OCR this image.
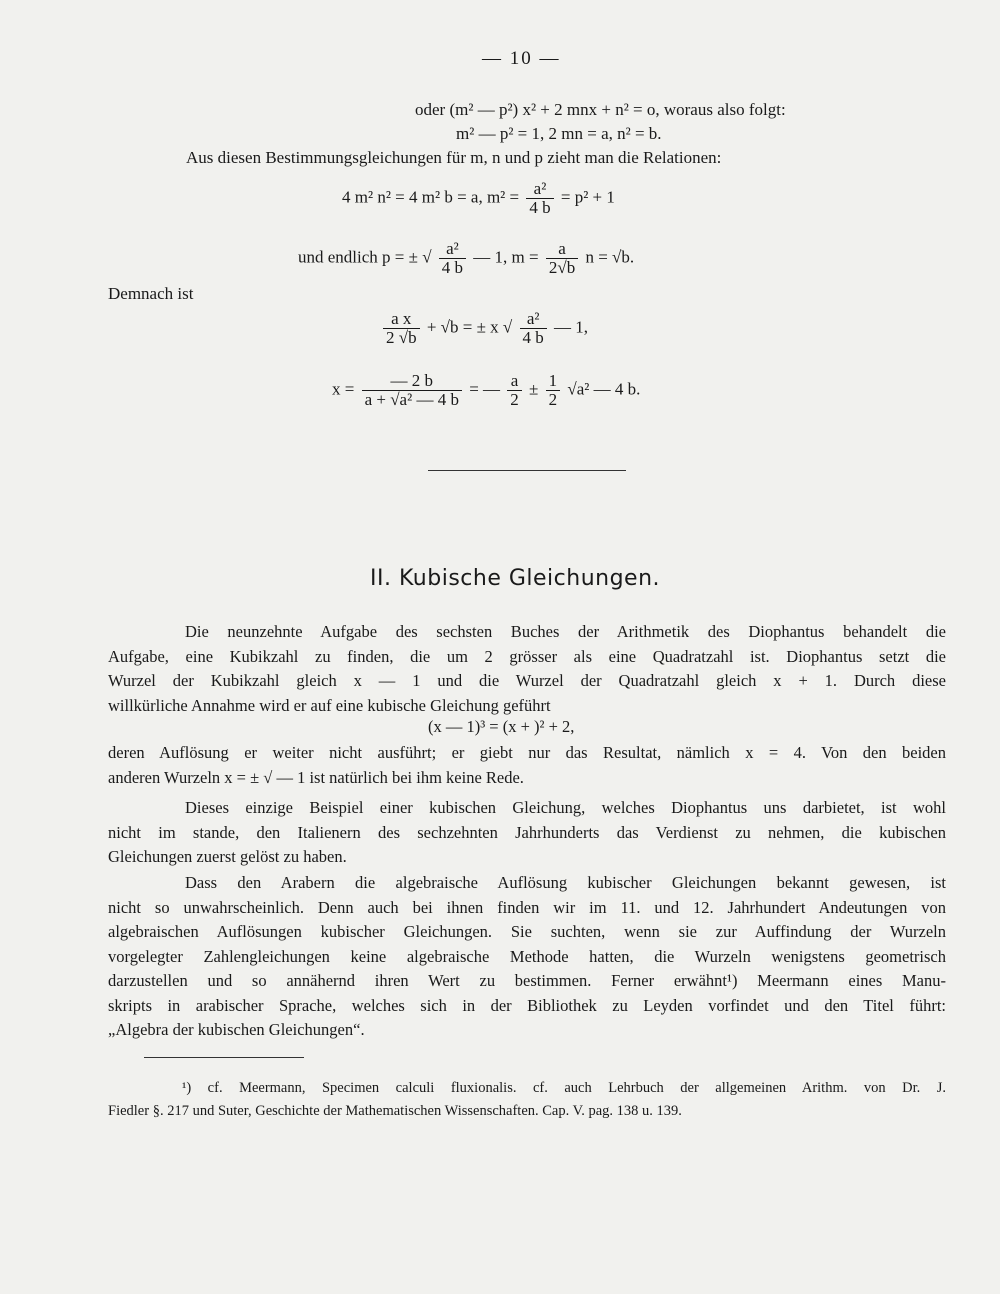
— 10 —
oder (m² — p²) x² + 2 mnx + n² = o, woraus also folgt:
m² — p² = 1, 2 mn = a, n² = b.
Aus diesen Bestimmungsgleichungen für m, n und p zieht man die Relationen:
4 m² n² = 4 m² b = a, $m^2 = \frac{\text{a²}}{4 b} = p^2 + 1$
und endlich p = ± √ $\frac{\text{a²}}{4 b}$ — 1, $m = \frac{a}{2√b}$ n = √b.
Demnach ist
$\frac{\text{a x}}{2 √b} + √b$ = ± x √ $\frac{\text{a²}}{4 b}$ — 1,
$x = \frac{— 2 b}{\text{a + √a² — 4 b}}$ = — $\frac{a}{2} \pm \frac{1}{2} √a^2$ — 4 b.
II. Kubische Gleichungen.
Die neunzehnte Aufgabe des sechsten Buches der Arithmetik des Diophantus behandelt die
Aufgabe, eine Kubikzahl zu finden, die um 2 grösser als eine Quadratzahl ist. Diophantus setzt die
Wurzel der Kubikzahl gleich x — 1 und die Wurzel der Quadratzahl gleich x + 1. Durch diese
willkürliche Annahme wird er auf eine kubische Gleichung geführt
(x — 1)³ = (x + )² + 2,
deren Auflösung er weiter nicht ausführt; er giebt nur das Resultat, nämlich x = 4. Von den beiden
anderen Wurzeln x = ± √ — 1 ist natürlich bei ihm keine Rede.
Dieses einzige Beispiel einer kubischen Gleichung, welches Diophantus uns darbietet, ist wohl
nicht im stande, den Italienern des sechzehnten Jahrhunderts das Verdienst zu nehmen, die kubischen
Gleichungen zuerst gelöst zu haben.
Dass den Arabern die algebraische Auflösung kubischer Gleichungen bekannt gewesen, ist
nicht so unwahrscheinlich. Denn auch bei ihnen finden wir im 11. und 12. Jahrhundert Andeutungen von
algebraischen Auflösungen kubischer Gleichungen. Sie suchten, wenn sie zur Auffindung der Wurzeln
vorgelegter Zahlengleichungen keine algebraische Methode hatten, die Wurzeln wenigstens geometrisch
darzustellen und so annähernd ihren Wert zu bestimmen. Ferner erwähnt¹) Meermann eines Manu-
skripts in arabischer Sprache, welches sich in der Bibliothek zu Leyden vorfindet und den Titel führt:
„Algebra der kubischen Gleichungen“.
¹) cf. Meermann, Specimen calculi fluxionalis. cf. auch Lehrbuch der allgemeinen Arithm. von Dr. J.
Fiedler §. 217 und Suter, Geschichte der Mathematischen Wissenschaften. Cap. V. pag. 138 u. 139.
